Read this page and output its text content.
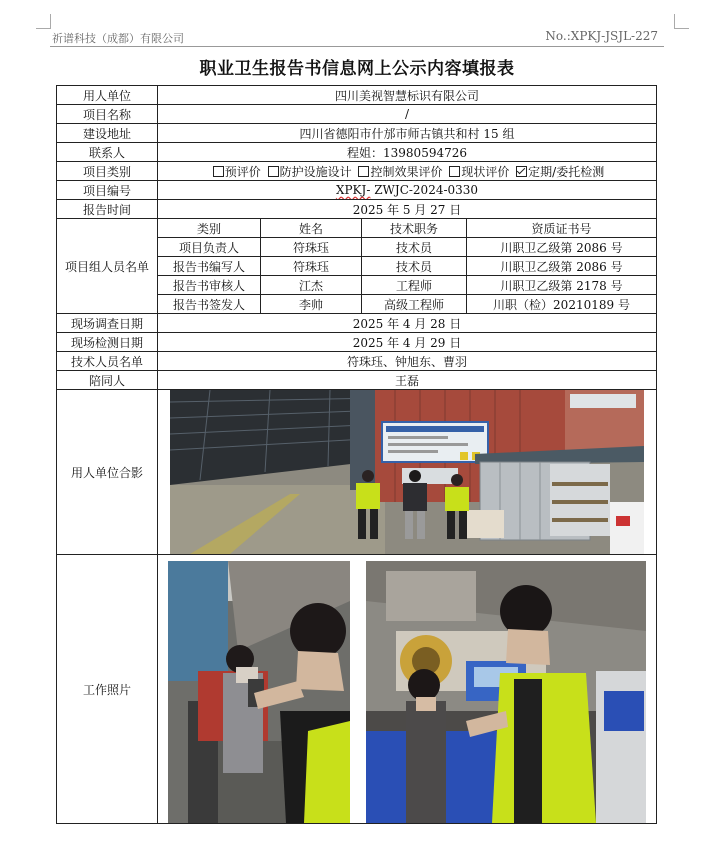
祈谱科技（成都）有限公司	No.:XPKJ-JSJL-227
职业卫生报告书信息网上公示内容填报表
用人单位	四川美视智慧标识有限公司			
项目名称	/			
建设地址	四川省德阳市什邡市师古镇共和村 15 组			
联系人	程姐：13980594726			
项目类别	预评价 防护设施设计 控制效果评价 现状评价 定期/委托检测			
项目编号	XPKJ- ZWJC-2024-0330			
报告时间	2025 年 5 月 27 日			
项目组人员名单	类别	姓名	技术职务	资质证书号
	项目负责人	符珠珏	技术员	川职卫乙级第 2086 号
	报告书编写人	符珠珏	技术员	川职卫乙级第 2086 号
	报告书审核人	江杰	工程师	川职卫乙级第 2178 号
	报告书签发人	李帅	高级工程师	川职（检）20210189 号
现场调查日期	2025 年 4 月 28 日			
现场检测日期	2025 年 4 月 29 日			
技术人员名单	符珠珏、钟旭东、曹羽			
陪同人	王磊			
用人单位合影	

工作照片	
